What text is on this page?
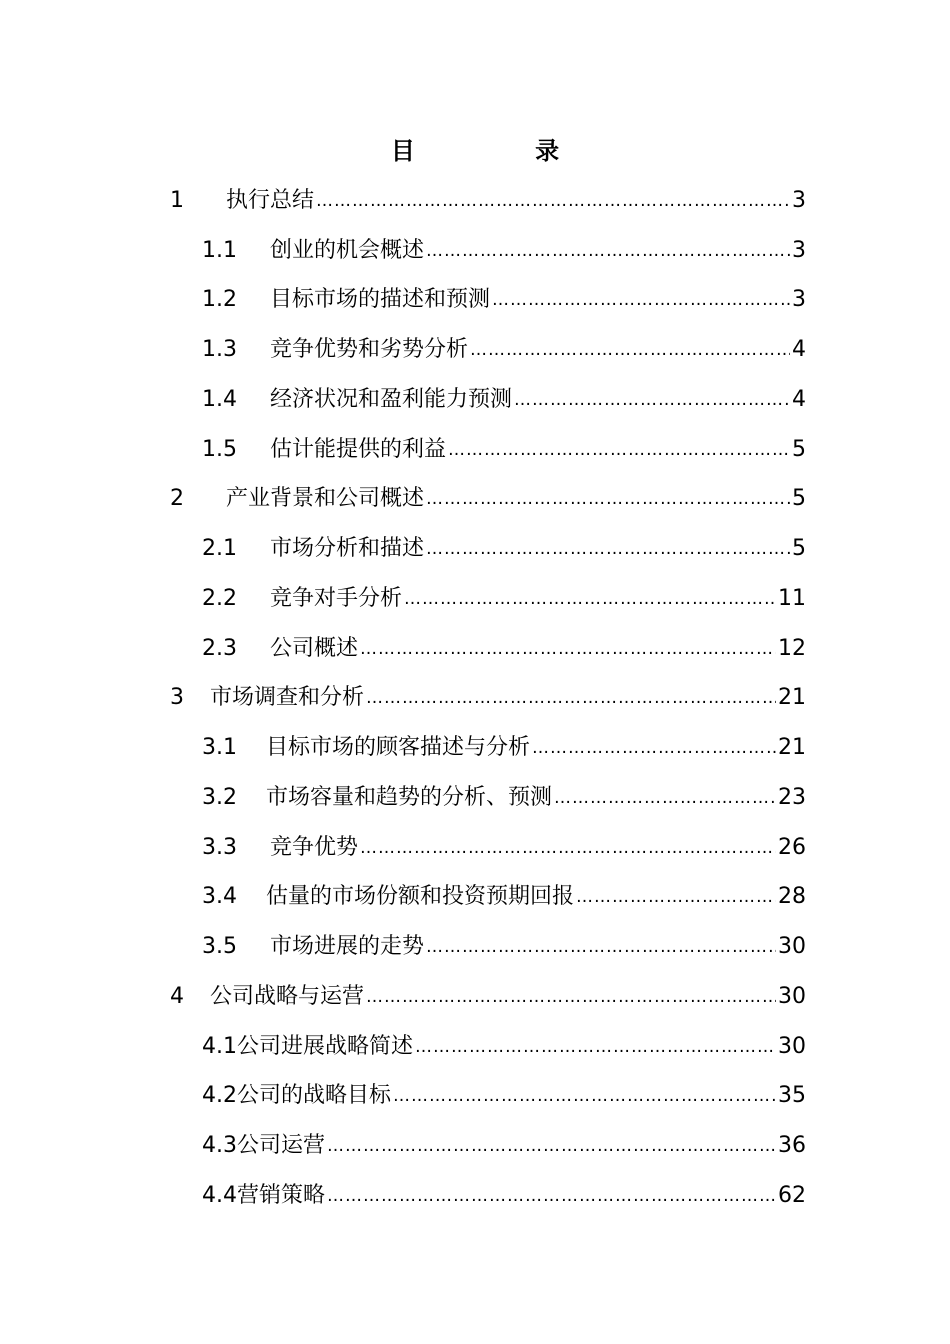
目 录
1	执行总结 …………………………………………………………………………………………………………………………………………………………………	3
1.1	创业的机会概述 …………………………………………………………………………………………………………………………………………………………………	3
1.2	目标市场的描述和预测 …………………………………………………………………………………………………………………………………………………………………	3
1.3	竞争优势和劣势分析 …………………………………………………………………………………………………………………………………………………………………	4
1.4	经济状况和盈利能力预测 …………………………………………………………………………………………………………………………………………………………………	4
1.5	估计能提供的利益 …………………………………………………………………………………………………………………………………………………………………	5
2	产业背景和公司概述 …………………………………………………………………………………………………………………………………………………………………	5
2.1	市场分析和描述 …………………………………………………………………………………………………………………………………………………………………	5
2.2	竞争对手分析 …………………………………………………………………………………………………………………………………………………………………	11
2.3	公司概述 …………………………………………………………………………………………………………………………………………………………………	12
3	市场调查和分析 …………………………………………………………………………………………………………………………………………………………………	21
3.1	目标市场的顾客描述与分析 …………………………………………………………………………………………………………………………………………………………………	21
3.2	市场容量和趋势的分析、预测 …………………………………………………………………………………………………………………………………………………………………	23
3.3	竞争优势 …………………………………………………………………………………………………………………………………………………………………	26
3.4	估量的市场份额和投资预期回报 …………………………………………………………………………………………………………………………………………………………………	28
3.5	市场进展的走势 …………………………………………………………………………………………………………………………………………………………………	30
4	公司战略与运营 …………………………………………………………………………………………………………………………………………………………………	30
4.1 公司进展战略简述 …………………………………………………………………………………………………………………………………………………………………	30
4.2 公司的战略目标 …………………………………………………………………………………………………………………………………………………………………	35
4.3 公司运营 …………………………………………………………………………………………………………………………………………………………………	36
4.4 营销策略 …………………………………………………………………………………………………………………………………………………………………	62
